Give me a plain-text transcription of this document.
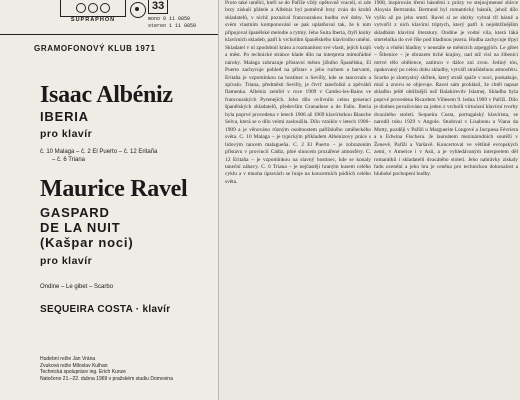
SUPRAPHON
33
mono 0 11 0850
stereo 1 11 0850
GRAMOFONOVÝ KLUB 1971
Isaac Albéniz
IBERIA
pro klavír
č. 10 Malaga – č. 2 El Puerto – č. 12 Eritaña
– č. 6 Triana
Maurice Ravel
GASPARD
DE LA NUIT
(Kašpar noci)
pro klavír
Ondine – Le gibet – Scarbo
SEQUEIRA COSTA · klavír
Hudební režie Jan Vrána
Zvuková režie Miloslav Kulhan
Technická spolupráce ing. Erich Kunze
Natočeno 21.–22. dubna 1969 v pražském studiu Domovina
Proto také umělci, kteří se do Paříže vždy opětovně vraceli, si zde brzy získali přátele a Albéniz byl poměrně brzy zván do kruhů skladatelů, v nichž poznával francouzskou hudbu své doby. Ve svém vlastním komponování se pak uplatňoval tak, že k nim připojoval španělské melodie a rytmy. Jeho Suita Iberia, čtyři knihy klavírních skladeb, patří k vrcholům španělského klavírního umění. Skladatel v ní zpodobnil krásu a rozmanitost své vlasti, jejích krajů a měst. Po technické stránce klade dílo na interpreta mimořádné nároky. Malaga zobrazuje přístavní město jižního Španělska, El Puerto zachycuje pohled na přístav s jeho ruchem a barvami, Eritaña je vzpomínkou na hostinec u Sevilly, kde se tancovalo a zpívalo. Triana, předměstí Sevilly, je čtvrť tanečníků a zpěváků flamenka. Albéniz zemřel v roce 1909 v Cambo-les-Bains ve francouzských Pyrenejích. Jeho dílo ovlivnilo celou generaci španělských skladatelů, především Granadose a de Fallu. Iberia byla poprvé provedena v letech 1906 až 1909 klavíristkou Blanche Selva, která se o dílo velmi zasloužila. Dílo vzniklo v letech 1906–1909 a je věnováno různým osobnostem pařížského uměleckého světa. C. 10 Malaga – je typickým příkladem Albénizovy práce s lidovým tancem malagueña. C. 2 El Puerto – je zobrazením přístavu v provincii Cádiz, plné sluncem prozářené atmosféry. C. 12 Eritaña – je vzpomínkou na slavný hostinec, kde se konaly taneční zábavy. C. 6 Triana – je nejčastěji hraným kusem celého cyklu a v mnoha úpravách se hraje na koncertních pódiích celého světa.
1908, inspirován třemi básněmi z prózy ve stejnojmenné sbírce Aloysia Bertranda. Bertrand byl romantický básník, jehož dílo vyšlo až po jeho smrti. Ravel si ze sbírky vybral tři básně a vytvořil z nich klavírní triptych, který patří k nejobtížnějším skladbám klavírní literatury. Ondine je vodní víla, která láká smrtelníka do své říše pod hladinou jezera. Hudba zachycuje třpyt vody a vlnění hladiny v neustále se měnících arpeggiích. Le gibet – Šibenice – je obrazem tiché krajiny, nad níž visí na šibenici mrtvé tělo oběšence, zatímco v dálce zní zvon. Jediný tón, opakovaný po celou dobu skladby, vytváří strašidelnou atmosféru. Scarbo je zlomyslný skřítek, který straší spáče v noci, poskakuje, mizí a znovu se objevuje. Ravel sám prohlásil, že chtěl napsat skladbu ještě obtížnější než Balakirevův Islamej. Skladba byla poprvé provedena Ricardem Viñesem 9. ledna 1909 v Paříži. Dílo je dodnes považováno za jeden z vrcholů virtuózní klavírní tvorby dvacátého století. Sequeira Costa, portugalský klavírista, se narodil roku 1929 v Angole. Studoval v Lisabonu u Viana da Motty, později v Paříži u Marguerite Longové a Jacquesa Févriera a u Edwina Fischera. Je laureátem mezinárodních soutěží v Ženevě, Paříži a Varšavě. Koncertoval ve většině evropských zemí, v Americe i v Asii, a je vyhledávaným interpretem děl romantiků i skladatelů dvacátého století. Jeho nahrávky získaly řadu ocenění a jeho hra je ceněna pro technickou dokonalost a hluboké pochopení hudby.
